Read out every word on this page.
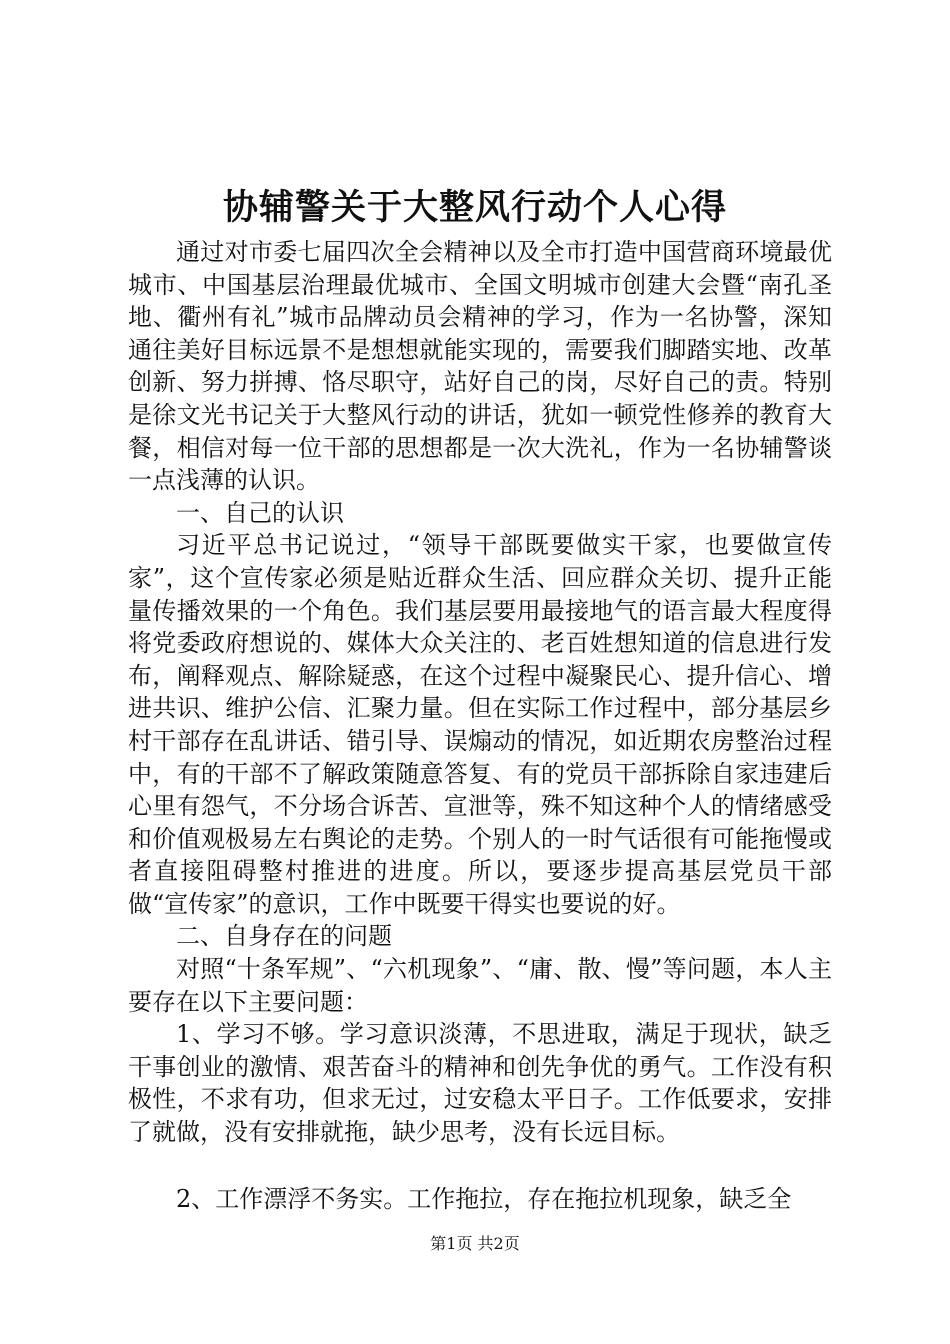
协辅警关于大整风行动个人心得

通过对市委七届四次全会精神以及全市打造中国营商环境最优城市、中国基层治理最优城市、全国文明城市创建大会暨“南孔圣地、衢州有礼”城市品牌动员会精神的学习，作为一名协警，深知通往美好目标远景不是想想就能实现的，需要我们脚踏实地、改革创新、努力拼搏、恪尽职守，站好自己的岗，尽好自己的责。特别是徐文光书记关于大整风行动的讲话，犹如一顿党性修养的教育大餐，相信对每一位干部的思想都是一次大洗礼，作为一名协辅警谈一点浅薄的认识。

一、自己的认识

习近平总书记说过，“领导干部既要做实干家，也要做宣传家”，这个宣传家必须是贴近群众生活、回应群众关切、提升正能量传播效果的一个角色。我们基层要用最接地气的语言最大程度得将党委政府想说的、媒体大众关注的、老百姓想知道的信息进行发布，阐释观点、解除疑惑，在这个过程中凝聚民心、提升信心、增进共识、维护公信、汇聚力量。但在实际工作过程中，部分基层乡村干部存在乱讲话、错引导、误煽动的情况，如近期农房整治过程中，有的干部不了解政策随意答复、有的党员干部拆除自家违建后心里有怨气，不分场合诉苦、宣泄等，殊不知这种个人的情绪感受和价值观极易左右舆论的走势。个别人的一时气话很有可能拖慢或者直接阻碍整村推进的进度。所以，要逐步提高基层党员干部做“宣传家”的意识，工作中既要干得实也要说的好。

二、自身存在的问题

对照“十条军规”、“六机现象”、“庸、散、慢”等问题，本人主要存在以下主要问题：

1、学习不够。学习意识淡薄，不思进取，满足于现状，缺乏干事创业的激情、艰苦奋斗的精神和创先争优的勇气。工作没有积极性，不求有功，但求无过，过安稳太平日子。工作低要求，安排了就做，没有安排就拖，缺少思考，没有长远目标。

2、工作漂浮不务实。工作拖拉，存在拖拉机现象，缺乏全

第1页 共2页
